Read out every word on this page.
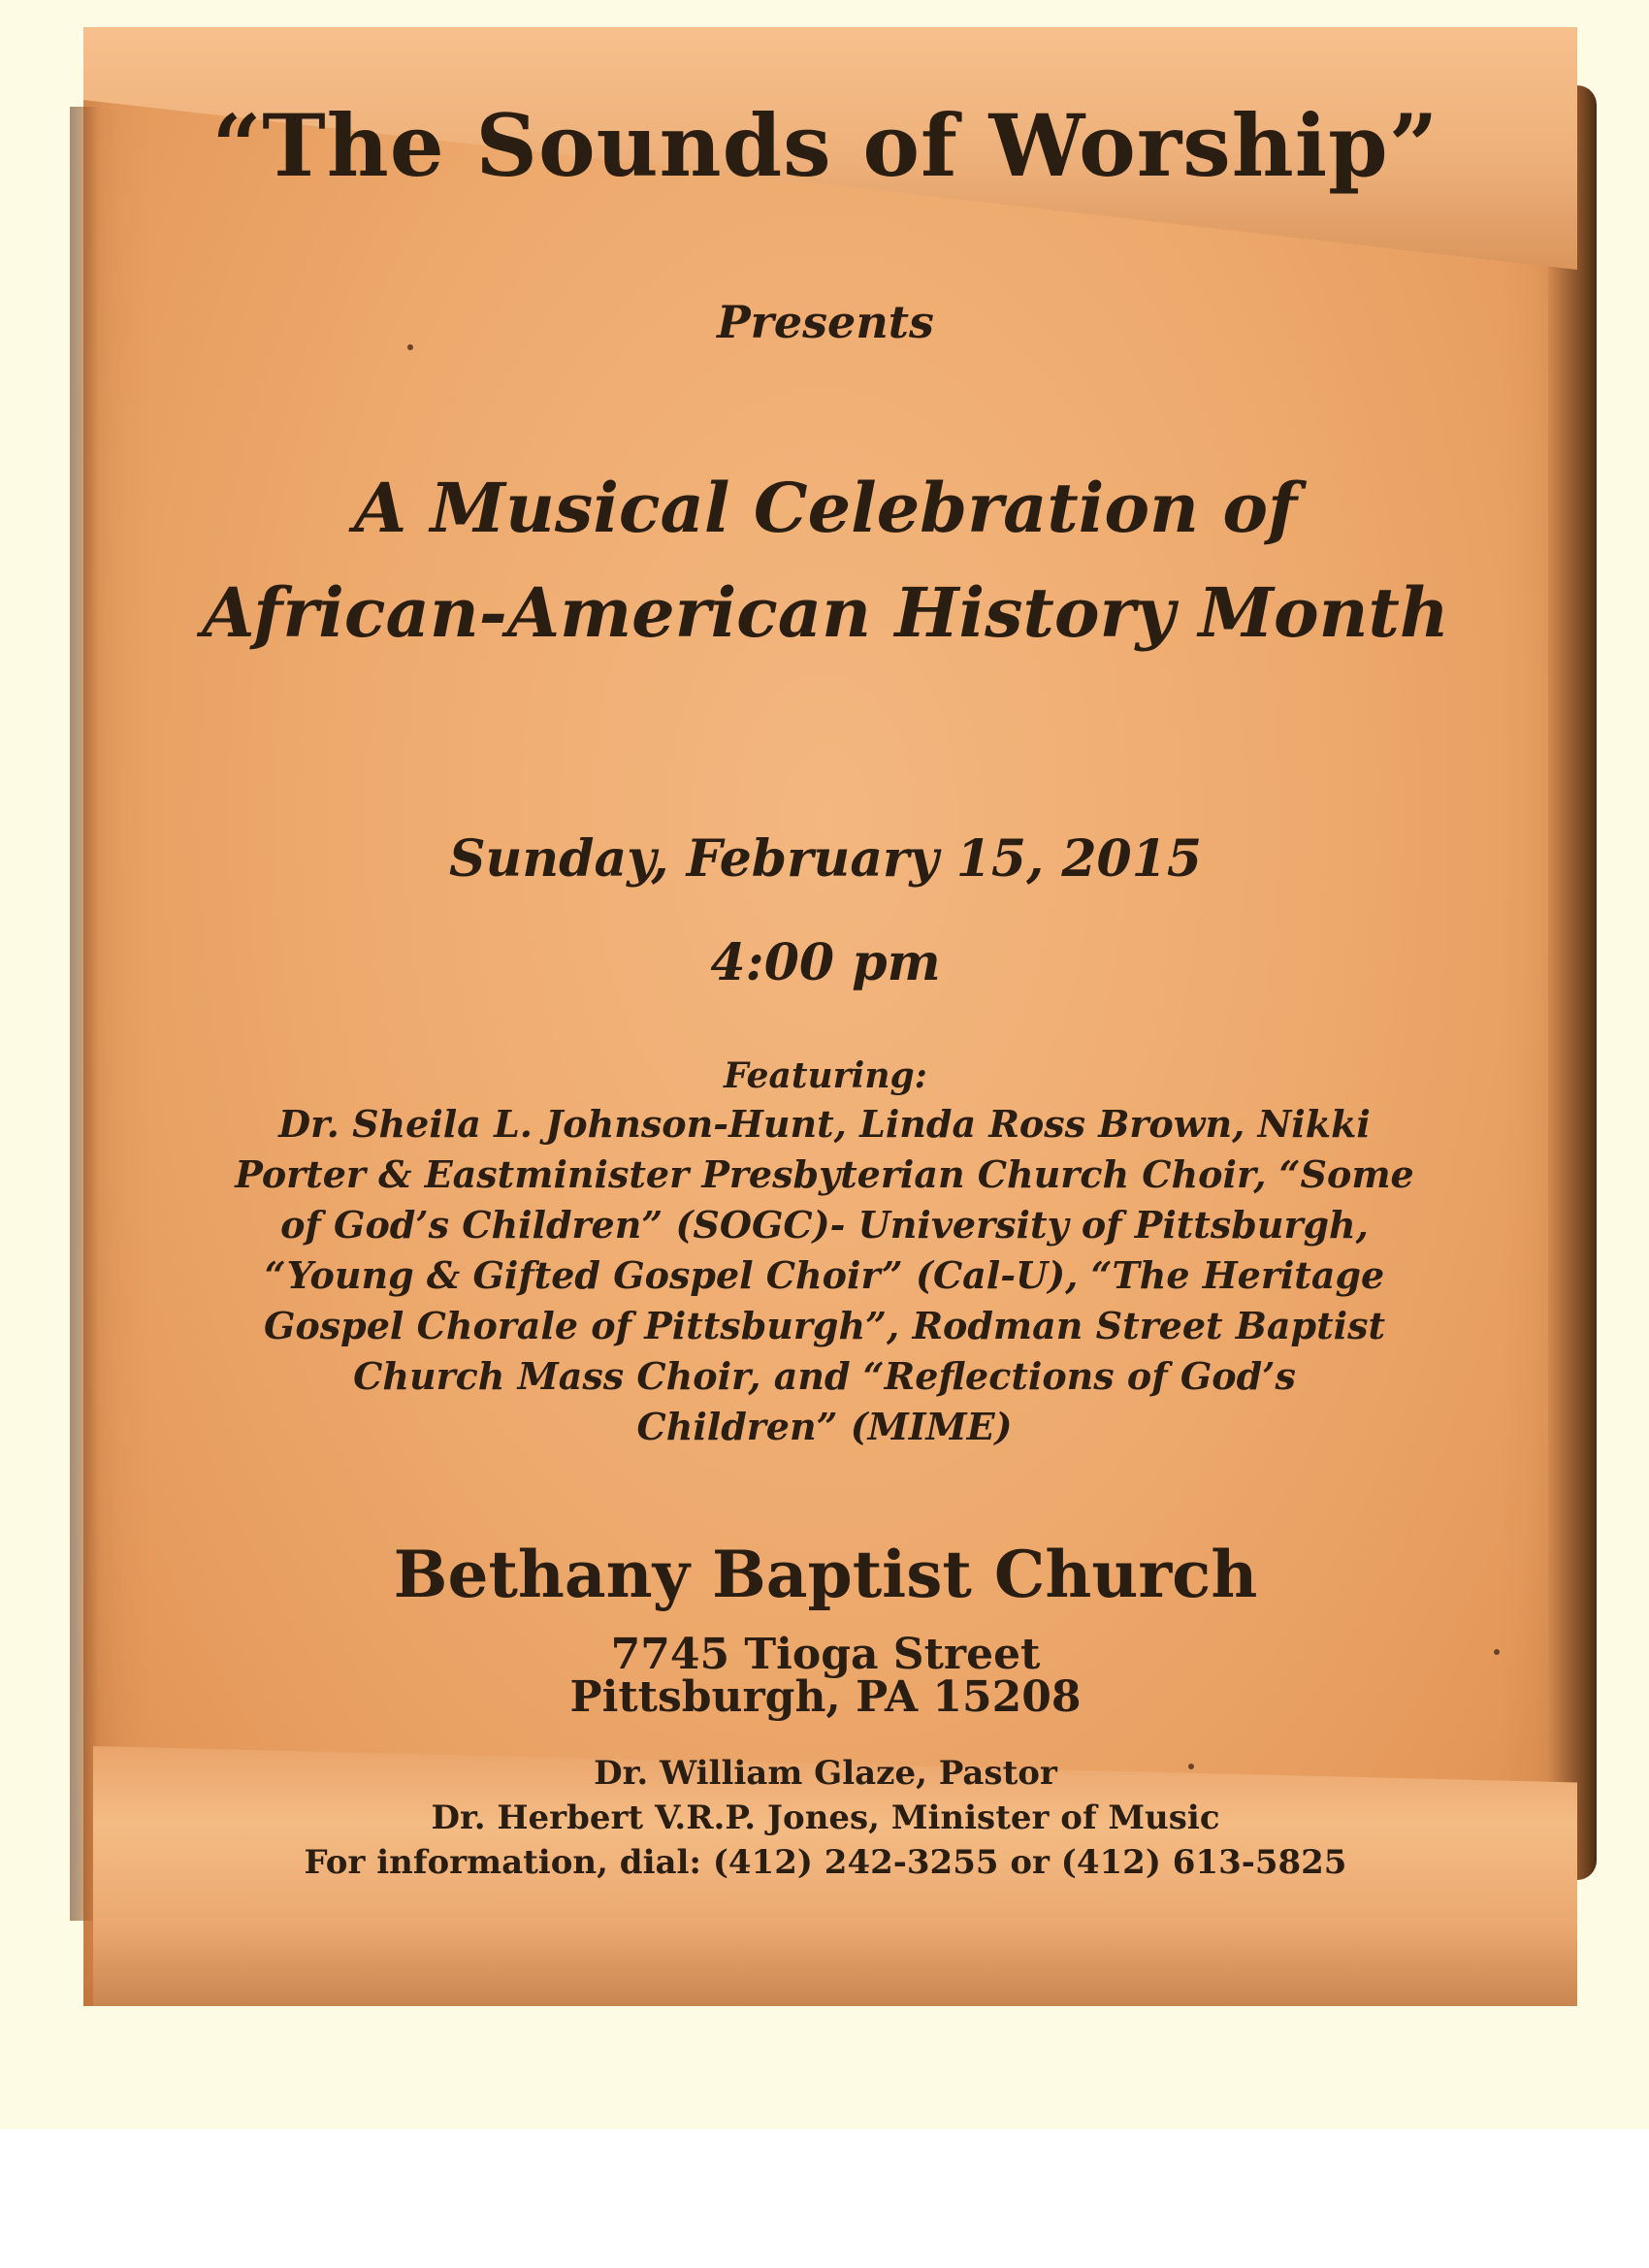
“The Sounds of Worship”
Presents
A Musical Celebration of
African-American History Month
Sunday, February 15, 2015
4:00 pm
Featuring:
Dr. Sheila L. Johnson-Hunt, Linda Ross Brown, Nikki
Porter & Eastminister Presbyterian Church Choir, “Some
of God’s Children” (SOGC)- University of Pittsburgh,
“Young & Gifted Gospel Choir” (Cal-U), “The Heritage
Gospel Chorale of Pittsburgh”, Rodman Street Baptist
Church Mass Choir, and “Reflections of God’s
Children” (MIME)
Bethany Baptist Church
7745 Tioga Street
Pittsburgh, PA 15208
Dr. William Glaze, Pastor
Dr. Herbert V.R.P. Jones, Minister of Music
For information, dial: (412) 242-3255 or (412) 613-5825
